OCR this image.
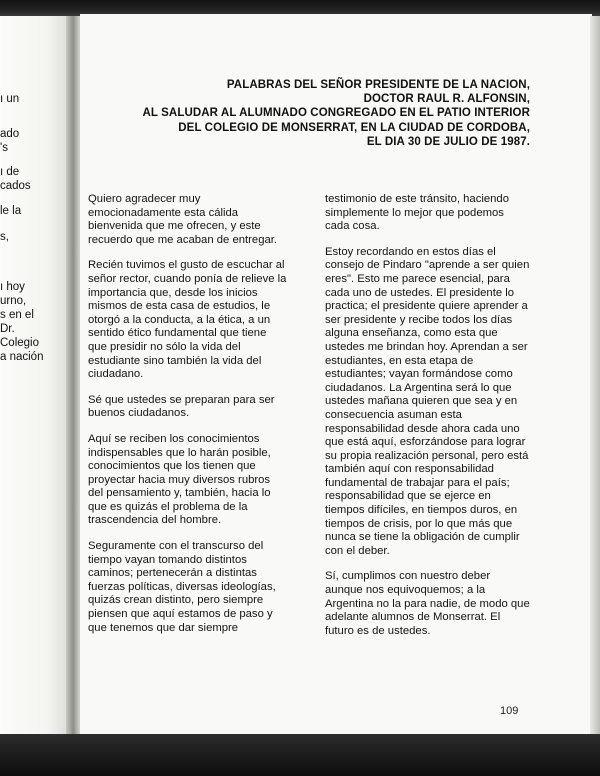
ı un
ado
's
ı de
cados
le la
s,
ı hoy
urno,
s en el
Dr.
Colegio
a nación
PALABRAS DEL SEÑOR PRESIDENTE DE LA NACION,
DOCTOR RAUL R. ALFONSIN,
AL SALUDAR AL ALUMNADO CONGREGADO EN EL PATIO INTERIOR
DEL COLEGIO DE MONSERRAT, EN LA CIUDAD DE CORDOBA,
EL DIA 30 DE JULIO DE 1987.

Quiero agradecer muy emocionadamente esta cálida bienvenida que me ofrecen, y este recuerdo que me acaban de entregar.

Recién tuvimos el gusto de escuchar al señor rector, cuando ponía de relieve la importancia que, desde los inicios mismos de esta casa de estudios, le otorgó a la conducta, a la ética, a un sentido ético fundamental que tiene que presidir no sólo la vida del estudiante sino también la vida del ciudadano.

Sé que ustedes se preparan para ser buenos ciudadanos.

Aquí se reciben los conocimientos indispensables que lo harán posible, conocimientos que los tienen que proyectar hacia muy diversos rubros del pensamiento y, también, hacia lo que es quizás el problema de la trascendencia del hombre.

Seguramente con el transcurso del tiempo vayan tomando distintos caminos; pertenecerán a distintas fuerzas políticas, diversas ideologías, quizás crean distinto, pero siempre piensen que aquí estamos de paso y que tenemos que dar siempre

testimonio de este tránsito, haciendo simplemente lo mejor que podemos cada cosa.

Estoy recordando en estos días el consejo de Pindaro "aprende a ser quien eres". Esto me parece esencial, para cada uno de ustedes. El presidente lo practica; el presidente quiere aprender a ser presidente y recibe todos los días alguna enseñanza, como esta que ustedes me brindan hoy. Aprendan a ser estudiantes, en esta etapa de estudiantes; vayan formándose como ciudadanos. La Argentina será lo que ustedes mañana quieren que sea y en consecuencia asuman esta responsabilidad desde ahora cada uno que está aquí, esforzándose para lograr su propia realización personal, pero está también aquí con responsabilidad fundamental de trabajar para el país; responsabilidad que se ejerce en tiempos difíciles, en tiempos duros, en tiempos de crisis, por lo que más que nunca se tiene la obligación de cumplir con el deber.

Sí, cumplimos con nuestro deber aunque nos equivoquemos; a la Argentina no la para nadie, de modo que adelante alumnos de Monserrat. El futuro es de ustedes.

109
